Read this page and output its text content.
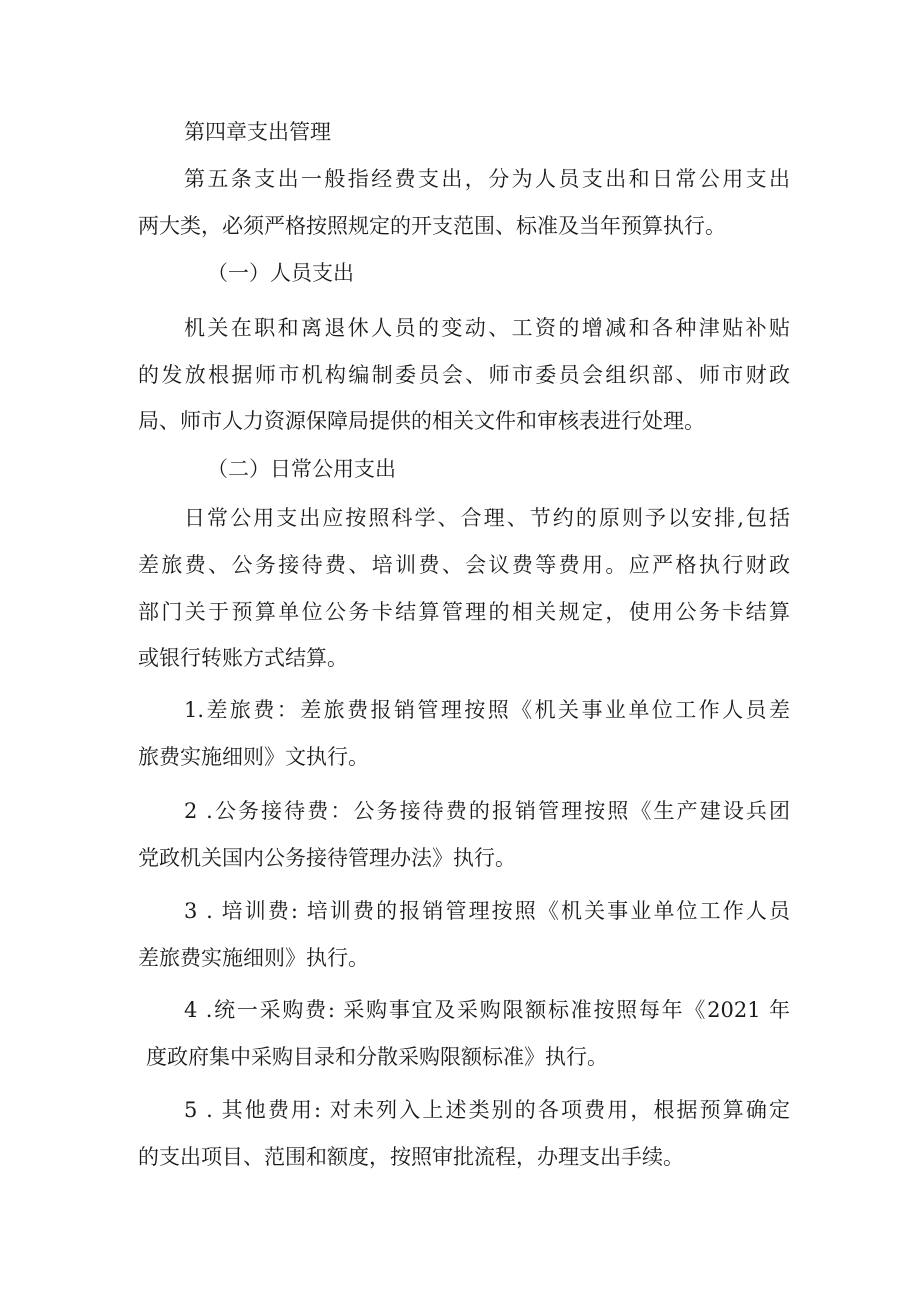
第四章支出管理
第五条支出一般指经费支出，分为人员支出和日常公用支出
两大类，必须严格按照规定的开支范围、标准及当年预算执行。
（一）人员支出
机关在职和离退休人员的变动、工资的增减和各种津贴补贴
的发放根据师市机构编制委员会、师市委员会组织部、师市财政
局、师市人力资源保障局提供的相关文件和审核表进行处理。
（二）日常公用支出
日常公用支出应按照科学、合理、节约的原则予以安排,包括
差旅费、公务接待费、培训费、会议费等费用。应严格执行财政
部门关于预算单位公务卡结算管理的相关规定，使用公务卡结算
或银行转账方式结算。
1.差旅费：差旅费报销管理按照《机关事业单位工作人员差
旅费实施细则》文执行。
2 .公务接待费：公务接待费的报销管理按照《生产建设兵团
党政机关国内公务接待管理办法》执行。
3 . 培训费: 培训费的报销管理按照《机关事业单位工作人员
差旅费实施细则》执行。
4 .统一采购费: 采购事宜及采购限额标准按照每年《2021 年
度政府集中采购目录和分散采购限额标准》执行。
5 . 其他费用: 对未列入上述类别的各项费用，根据预算确定
的支出项目、范围和额度，按照审批流程，办理支出手续。
